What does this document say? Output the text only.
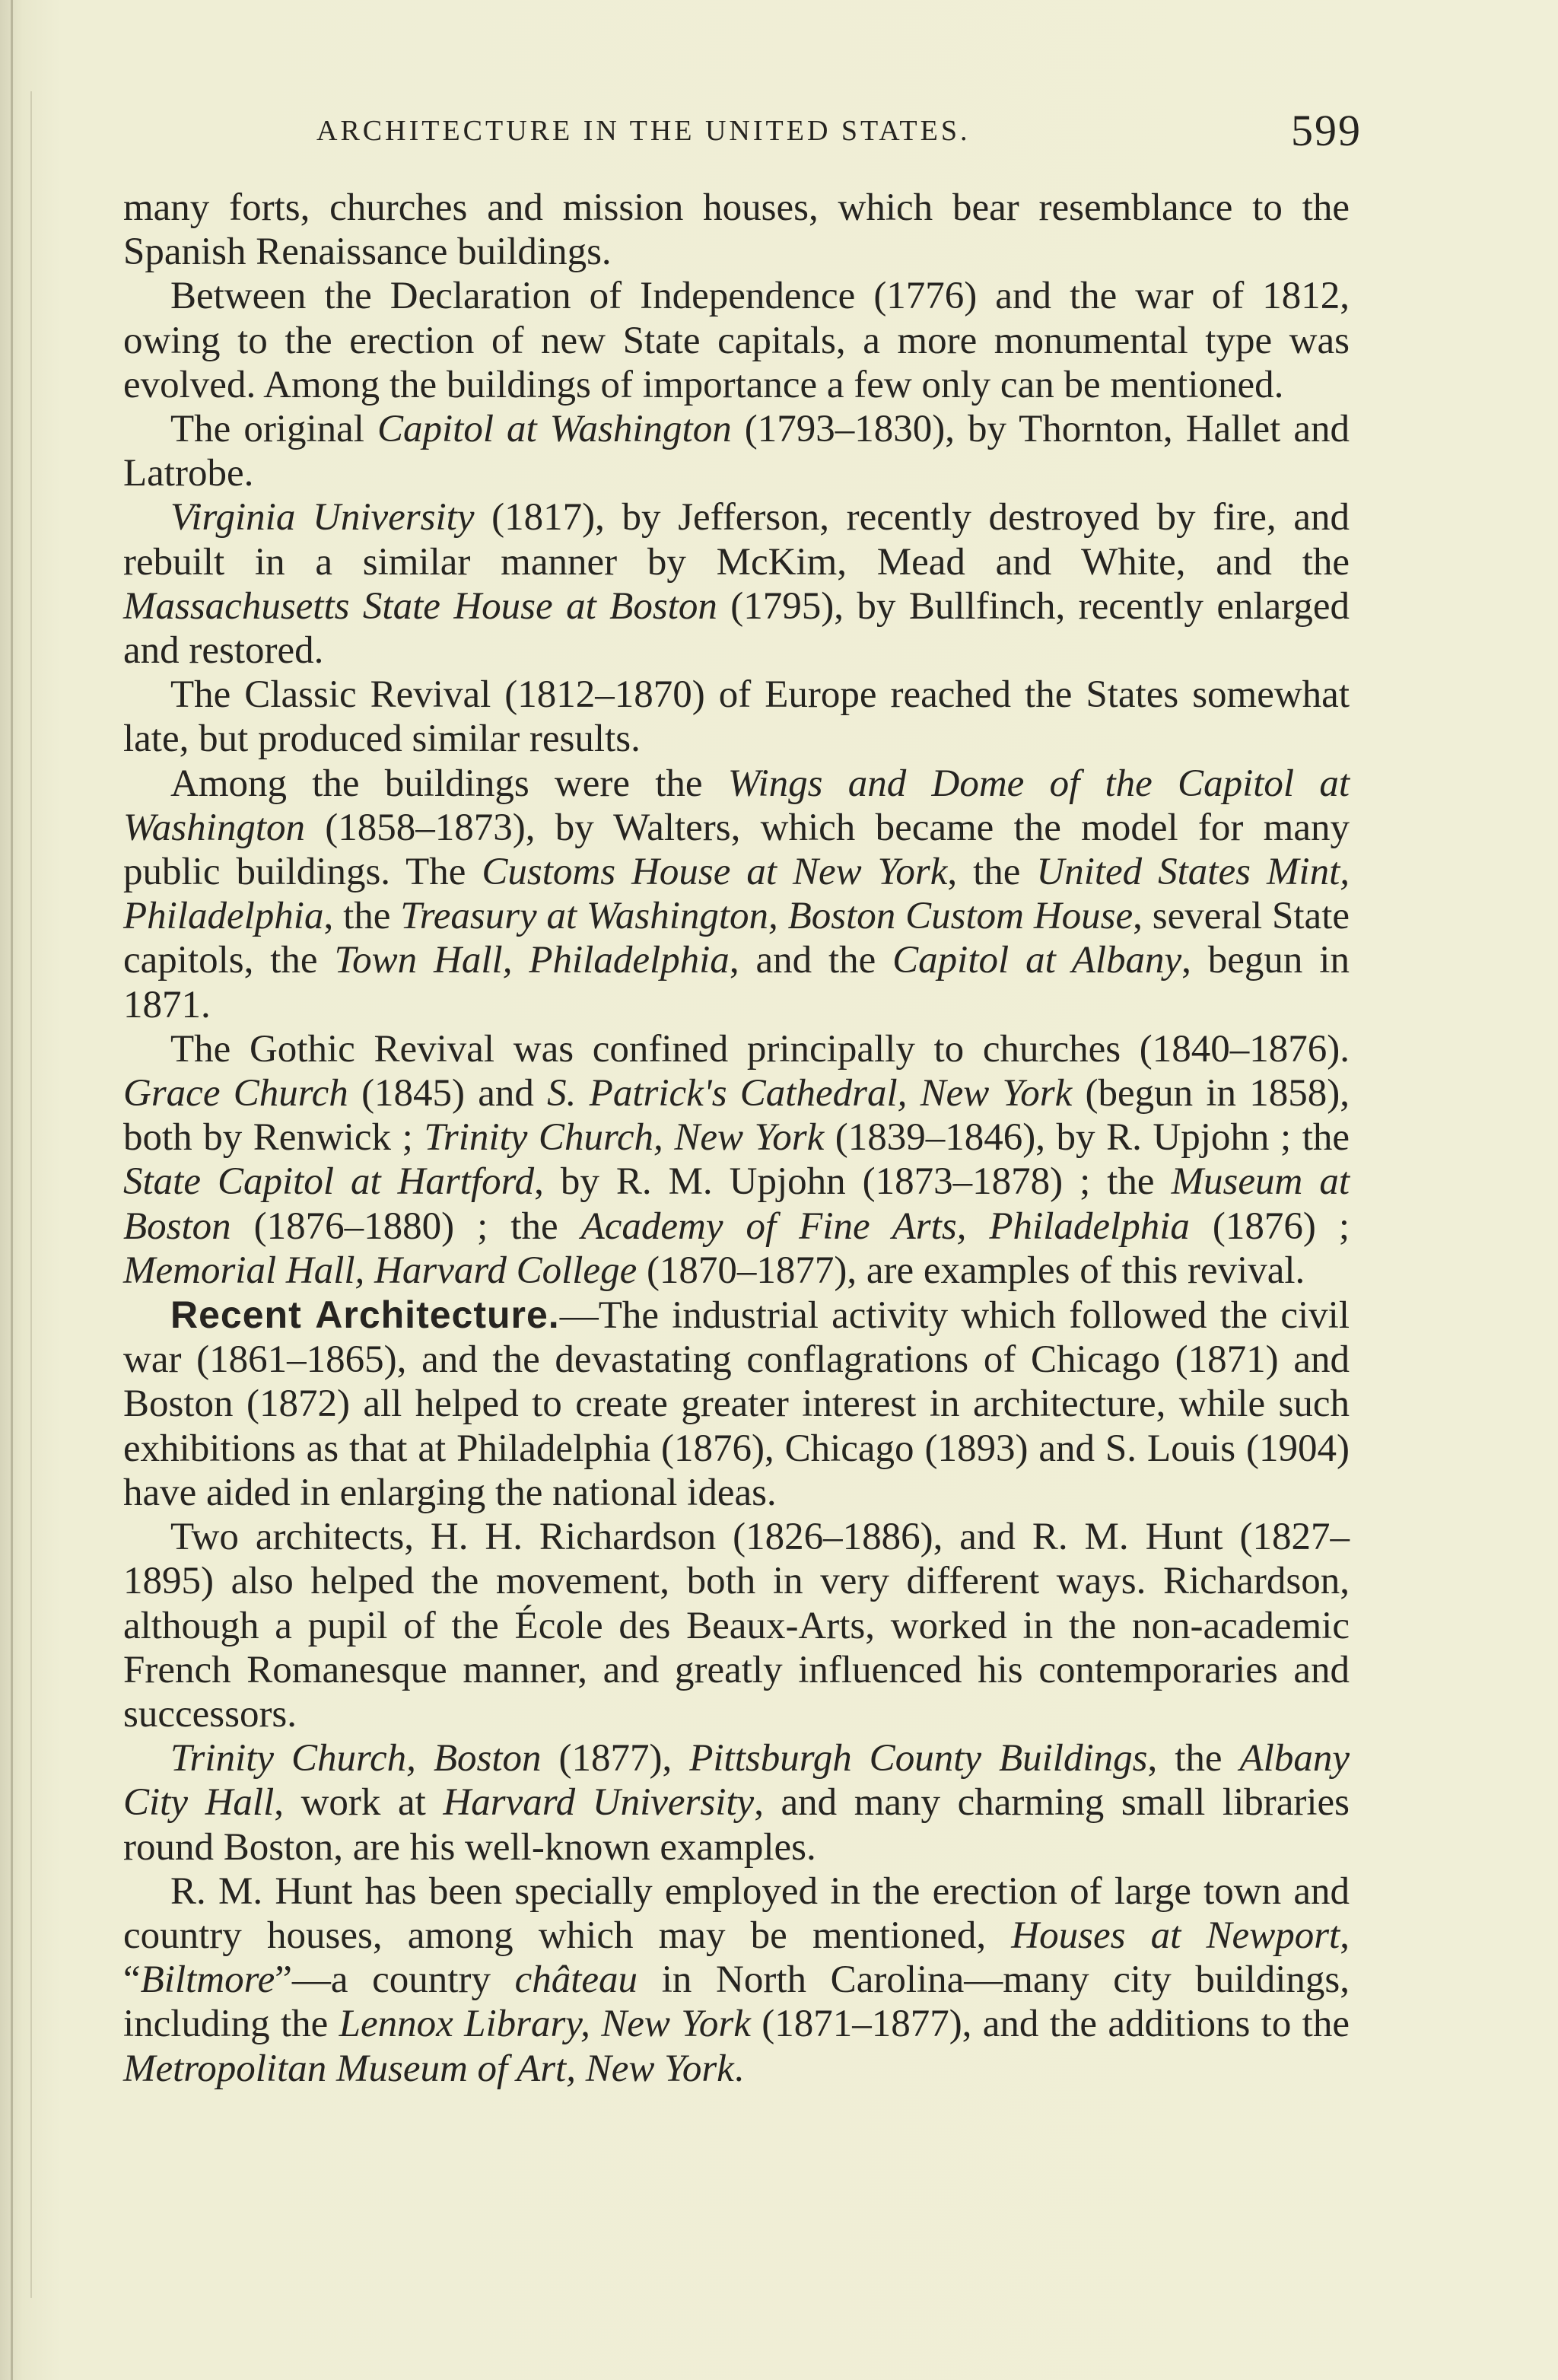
ARCHITECTURE IN THE UNITED STATES.	599

many forts, churches and mission houses, which bear resemblance to the Spanish Renaissance buildings.

Between the Declaration of Independence (1776) and the war of 1812, owing to the erection of new State capitals, a more monumental type was evolved. Among the buildings of importance a few only can be mentioned.

The original Capitol at Washington (1793–1830), by Thornton, Hallet and Latrobe.

Virginia University (1817), by Jefferson, recently destroyed by fire, and rebuilt in a similar manner by McKim, Mead and White, and the Massachusetts State House at Boston (1795), by Bullfinch, recently enlarged and restored.

The Classic Revival (1812–1870) of Europe reached the States somewhat late, but produced similar results.

Among the buildings were the Wings and Dome of the Capitol at Washington (1858–1873), by Walters, which became the model for many public buildings. The Customs House at New York, the United States Mint, Philadelphia, the Treasury at Washington, Boston Custom House, several State capitols, the Town Hall, Philadelphia, and the Capitol at Albany, begun in 1871.

The Gothic Revival was confined principally to churches (1840–1876). Grace Church (1845) and S. Patrick's Cathedral, New York (begun in 1858), both by Renwick ; Trinity Church, New York (1839–1846), by R. Upjohn ; the State Capitol at Hartford, by R. M. Upjohn (1873–1878) ; the Museum at Boston (1876–1880) ; the Academy of Fine Arts, Philadelphia (1876) ; Memorial Hall, Harvard College (1870–1877), are examples of this revival.

Recent Architecture.—The industrial activity which followed the civil war (1861–1865), and the devastating conflagrations of Chicago (1871) and Boston (1872) all helped to create greater interest in architecture, while such exhibitions as that at Philadelphia (1876), Chicago (1893) and S. Louis (1904) have aided in enlarging the national ideas.

Two architects, H. H. Richardson (1826–1886), and R. M. Hunt (1827–1895) also helped the movement, both in very different ways. Richardson, although a pupil of the École des Beaux-Arts, worked in the non-academic French Romanesque manner, and greatly influenced his contemporaries and successors.

Trinity Church, Boston (1877), Pittsburgh County Buildings, the Albany City Hall, work at Harvard University, and many charming small libraries round Boston, are his well-known examples.

R. M. Hunt has been specially employed in the erection of large town and country houses, among which may be mentioned, Houses at Newport, “Biltmore”—a country château in North Carolina—many city buildings, including the Lennox Library, New York (1871–1877), and the additions to the Metropolitan Museum of Art, New York.
